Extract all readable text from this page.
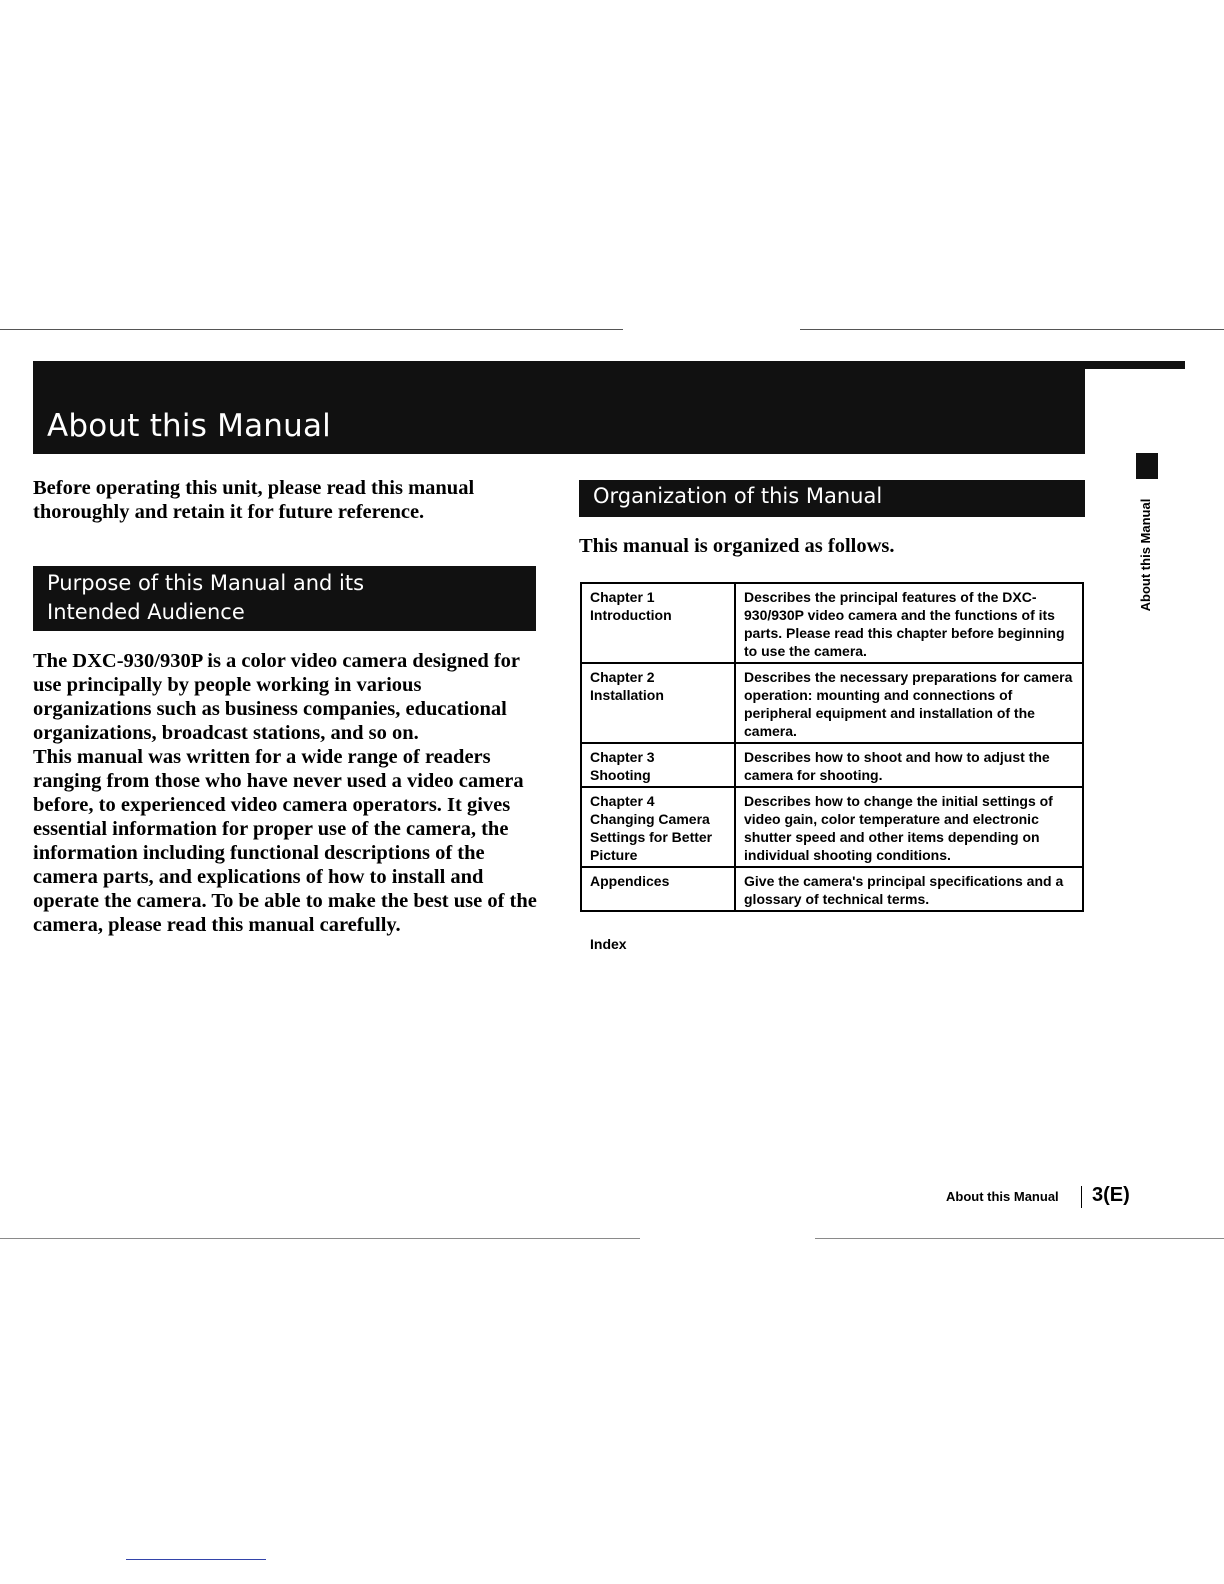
About this Manual
Before operating this unit, please read this manual thoroughly and retain it for future reference.
Purpose of this Manual and its
Intended Audience

The DXC-930/930P is a color video camera designed for use principally by people working in various organizations such as business companies, educational organizations, broadcast stations, and so on.

This manual was written for a wide range of readers ranging from those who have never used a video camera before, to experienced video camera operators. It gives essential information for proper use of the camera, the information including functional descriptions of the camera parts, and explications of how to install and operate the camera. To be able to make the best use of the camera, please read this manual carefully.

Organization of this Manual
This manual is organized as follows.
Chapter 1
Introduction	Describes the principal features of the DXC-930/930P video camera and the functions of its parts. Please read this chapter before beginning to use the camera.

Chapter 2
Installation	Describes the necessary preparations for camera operation: mounting and connections of peripheral equipment and installation of the camera.

Chapter 3
Shooting	Describes how to shoot and how to adjust the camera for shooting.

Chapter 4
Changing Camera Settings for Better Picture	Describes how to change the initial settings of video gain, color temperature and electronic shutter speed and other items depending on individual shooting conditions.

Appendices	Give the camera's principal specifications and a glossary of technical terms.
Index
About this Manual
About this Manual 3(E)
